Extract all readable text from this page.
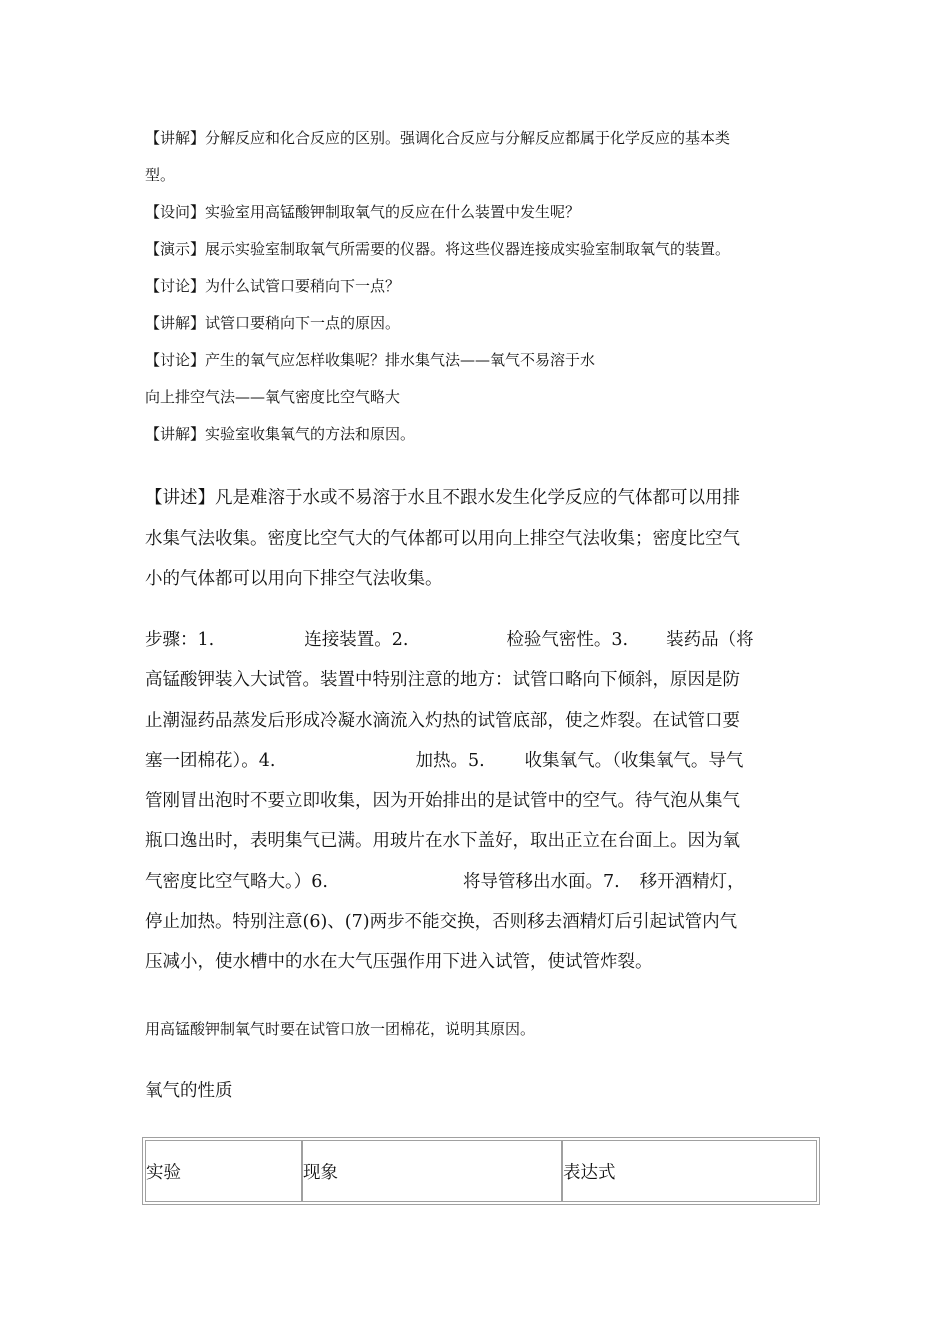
【讲解】分解反应和化合反应的区别。强调化合反应与分解反应都属于化学反应的基本类

型。

【设问】实验室用高锰酸钾制取氧气的反应在什么装置中发生呢？

【演示】展示实验室制取氧气所需要的仪器。将这些仪器连接成实验室制取氧气的装置。

【讨论】为什么试管口要稍向下一点？

【讲解】试管口要稍向下一点的原因。

【讨论】产生的氧气应怎样收集呢？排水集气法——氧气不易溶于水

向上排空气法——氧气密度比空气略大

【讲解】实验室收集氧气的方法和原因。

【讲述】凡是难溶于水或不易溶于水且不跟水发生化学反应的气体都可以用排

水集气法收集。密度比空气大的气体都可以用向上排空气法收集；密度比空气

小的气体都可以用向下排空气法收集。

步骤：1.	连接装置。2.	检验气密性。3. 装药品（将

高锰酸钾装入大试管。装置中特别注意的地方：试管口略向下倾斜，原因是防

止潮湿药品蒸发后形成冷凝水滴流入灼热的试管底部，使之炸裂。在试管口要

塞一团棉花）。4.	加热。5. 收集氧气。（收集氧气。导气

管刚冒出泡时不要立即收集，因为开始排出的是试管中的空气。待气泡从集气

瓶口逸出时，表明集气已满。用玻片在水下盖好，取出正立在台面上。因为氧

气密度比空气略大。）6.	将导管移出水面。7. 移开酒精灯，

停止加热。特别注意(6)、(7)两步不能交换，否则移去酒精灯后引起试管内气

压减小，使水槽中的水在大气压强作用下进入试管，使试管炸裂。

用高锰酸钾制氧气时要在试管口放一团棉花，说明其原因。
氧气的性质
实验	现象	表达式
